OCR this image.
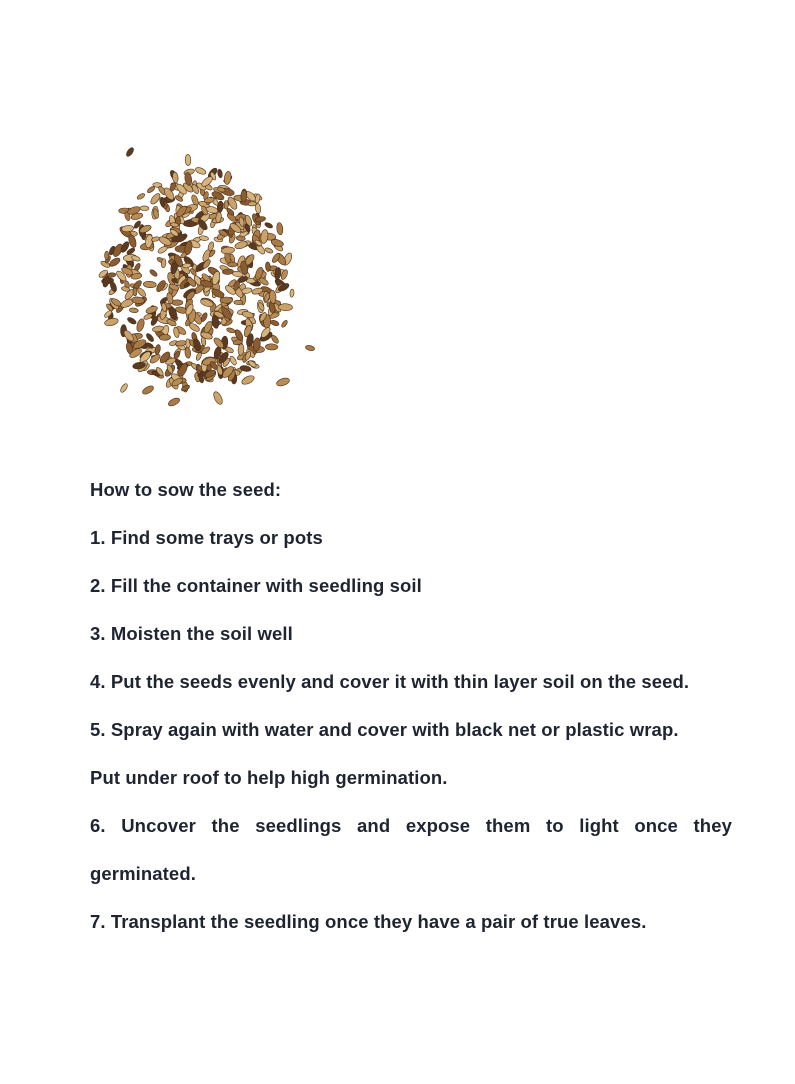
How to sow the seed:
1. Find some trays or pots
2. Fill the container with seedling soil
3. Moisten the soil well
4. Put the seeds evenly and cover it with thin layer soil on the seed.
5. Spray again with water and cover with black net or plastic wrap.
Put under roof to help high germination.
6. Uncover the seedlings and expose them to light once they
germinated.
7. Transplant the seedling once they have a pair of true leaves.
